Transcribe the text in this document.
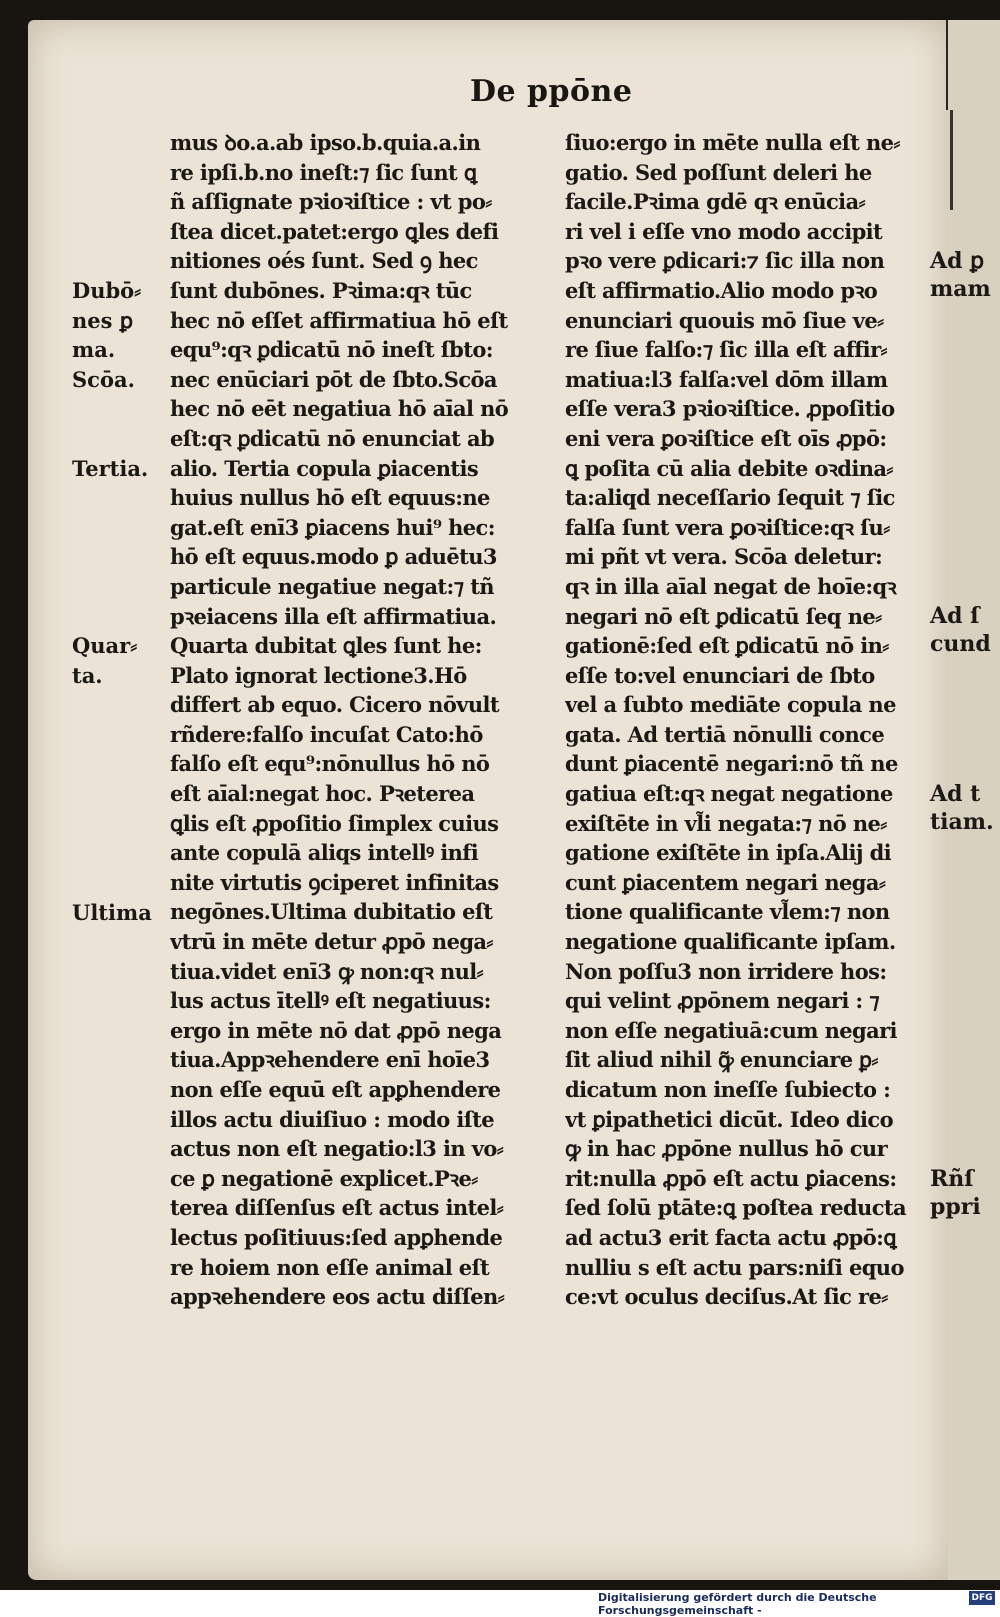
De ppōne
mus ꝺo.a.ab ipso.b.quia.a.in
re ipſi.b.no ineſt:⁊ ſic ſunt ꝗ
ñ aſſignate pꝛioꝛiſtice : vt po⸗
ſtea dicet.patet:ergo ꝗles defi
nitiones oés ſunt. Sed ꝯ hec
ſunt dubōnes. Pꝛima:qꝛ tūc
hec nō eſſet affirmatiua hō eſt
equ⁹:qꝛ ꝑdicatū nō ineſt ſbto:
nec enūciari pōt de ſbto.Scōa
hec nō eēt negatiua hō aīal nō
eſt:qꝛ ꝑdicatū nō enunciat ab
alio. Tertia copula ꝑiacentis
huius nullus hō eſt equus:ne
gat.eſt enī3 ꝑiacens hui⁹ hec:
hō eſt equus.modo ꝑ aduētu3
particule negatiue negat:⁊ tñ
pꝛeiacens illa eſt affirmatiua.
Quarta dubitat ꝗles ſunt he:
Plato ignorat lectione3.Hō
differt ab equo. Cicero nōvult
rñdere:falſo incuſat Cato:hō
falſo eſt equ⁹:nōnullus hō nō
eſt aīal:negat hoc. Pꝛeterea
ꝗlis eſt ꝓpoſitio ſimplex cuius
ante copulā aliqs intellꝰ infi
nite virtutis ꝯciperet infinitas
negōnes.Ultima dubitatio eſt
vtrū in mēte detur ꝓpō nega⸗
tiua.videt enī3 ꝙ non:qꝛ nul⸗
lus actus ītellꝰ eſt negatiuus:
ergo in mēte nō dat ꝓpō nega
tiua.Appꝛehendere enī hoīe3
non eſſe equū eſt apꝑhendere
illos actu diuiſiuo : modo iſte
actus non eſt negatio:l3 in vo⸗
ce ꝑ negationē explicet.Pꝛe⸗
terea diſſenſus eſt actus intel⸗
lectus poſitiuus:ſed apꝑhende
re hoiem non eſſe animal eſt
appꝛehendere eos actu diſſen⸗
ſiuo:ergo in mēte nulla eſt ne⸗
gatio. Sed poſſunt deleri he
facile.Pꝛima gdē qꝛ enūcia⸗
ri vel i eſſe vno modo accipit
pꝛo vere ꝑdicari:⁊ ſic illa non
eſt affirmatio.Alio modo pꝛo
enunciari quouis mō ſiue ve⸗
re ſiue falſo:⁊ ſic illa eſt affir⸗
matiua:l3 falſa:vel dōm illam
eſſe vera3 pꝛioꝛiſtice. ꝓpoſitio
eni vera ꝑoꝛiſtice eſt oīs ꝓpō:
ꝗ poſita cū alia debite oꝛdina⸗
ta:aliqd neceſſario ſequit ⁊ ſic
falſa ſunt vera ꝑoꝛiſtice:qꝛ ſu⸗
mi pñt vt vera. Scōa deletur:
qꝛ in illa aīal negat de hoīe:qꝛ
negari nō eſt ꝑdicatū ſeq ne⸗
gationē:ſed eſt ꝑdicatū nō in⸗
eſſe to:vel enunciari de ſbto
vel a ſubto mediāte copula ne
gata. Ad tertiā nōnulli conce
dunt ꝑiacentē negari:nō tñ ne
gatiua eſt:qꝛ negat negatione
exiſtēte in vl̃i negata:⁊ nō ne⸗
gatione exiſtēte in ipſa.Alij di
cunt ꝑiacentem negari nega⸗
tione qualificante vl̃em:⁊ non
negatione qualificante ipſam.
Non poſſu3 non irridere hos:
qui velint ꝓpōnem negari : ⁊
non eſſe negatiuā:cum negari
ſit aliud nihil ꝙ̃ enunciare ꝑ⸗
dicatum non ineſſe ſubiecto :
vt ꝑipathetici dicūt. Ideo dico
ꝙ in hac ꝓpōne nullus hō cur
rit:nulla ꝓpō eſt actu ꝑiacens:
ſed ſolū ptāte:ꝗ poſtea reducta
ad actu3 erit facta actu ꝓpō:ꝗ
nulliu s eſt actu pars:niſi equo
ce:vt oculus deciſus.At ſic re⸗
Dubō⸗
nes ꝑ
ma.
Scōa.
Tertia.
Quar⸗
ta.
Ultima
Ad ꝑ
mam
Ad ſ
cund
Ad t
tiam.
Rñſ
ppri
Digitalisierung gefördert durch die Deutsche Forschungsgemeinschaft -
DFG
